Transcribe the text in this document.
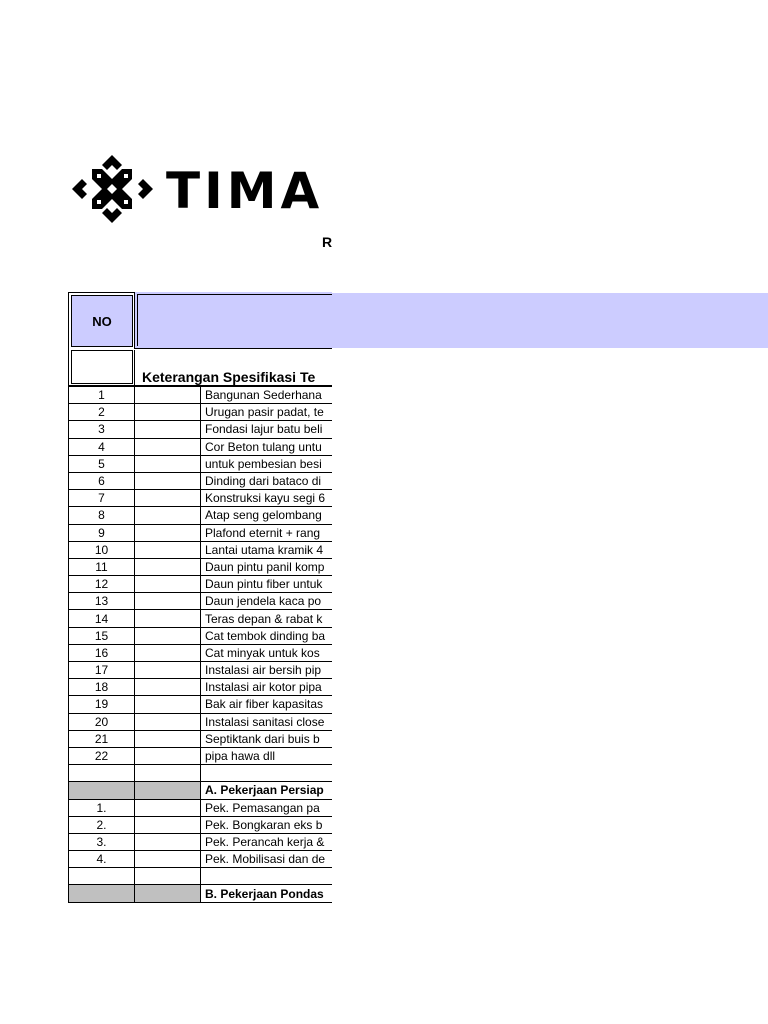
TIMA
R
NO
Keterangan Spesifikasi Te
1		Bangunan Sederhana
2		Urugan pasir padat, te
3		Fondasi lajur batu beli
4		Cor Beton tulang untu
5		untuk pembesian besi
6		Dinding dari bataco di
7		Konstruksi kayu segi 6
8		Atap seng gelombang
9		Plafond eternit + rang
10		Lantai utama kramik 4
11		Daun pintu panil komp
12		Daun pintu fiber untuk
13		Daun jendela kaca po
14		Teras depan & rabat k
15		Cat tembok dinding ba
16		Cat minyak untuk kos
17		Instalasi air bersih pip
18		Instalasi air kotor pipa
19		Bak air fiber kapasitas
20		Instalasi sanitasi close
21		Septiktank dari buis b
22		pipa hawa dll

		A. Pekerjaan Persiap
1.		Pek. Pemasangan pa
2.		Pek. Bongkaran eks b
3.		Pek. Perancah kerja &
4.		Pek. Mobilisasi dan de

		B. Pekerjaan Pondas
